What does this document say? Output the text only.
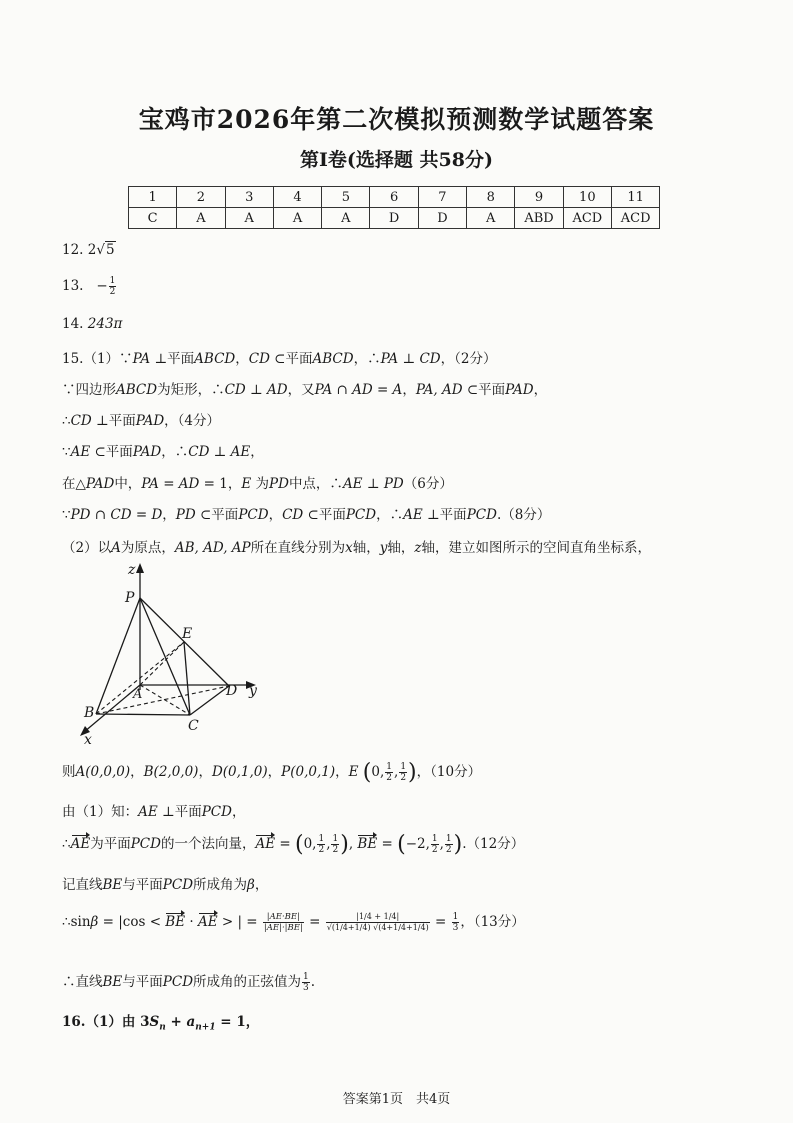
宝鸡市2026年第二次模拟预测数学试题答案
第Ⅰ卷(选择题 共58分)
1	2	3	4	5	6	7	8	9	10	11
C	A	A	A	A	D	D	A	ABD	ACD	ACD
12. 2√5
13. − $\frac{1}{2}$
14. 243π
15.（1）∵PA ⊥平面ABCD，CD ⊂平面ABCD，∴PA ⊥ CD，（2分）
∵四边形ABCD为矩形，∴CD ⊥ AD，又PA ∩ AD = A，PA, AD ⊂平面PAD，
∴CD ⊥平面PAD，（4分）
∵AE ⊂平面PAD，∴CD ⊥ AE，
在△PAD中，PA = AD = 1，E 为PD中点，∴AE ⊥ PD（6分）
∵PD ∩ CD = D，PD ⊂平面PCD，CD ⊂平面PCD，∴AE ⊥平面PCD.（8分）
（2）以A为原点，AB, AD, AP所在直线分别为x轴，y轴，z轴，建立如图所示的空间直角坐标系，
z
P
E
A	D y
B
C
x
则A(0,0,0)，B(2,0,0)，D(0,1,0)，P(0,0,1)，E (0, $\frac{1}{2}$ , $\frac{1}{2}$ )，（10分）
由（1）知：AE ⊥平面PCD，
∴AE为平面PCD的一个法向量，AE = (0, $\frac{1}{2}$ , $\frac{1}{2}$ ), BE = (−2, $\frac{1}{2}$ , $\frac{1}{2} ).(12$分）
记直线BE与平面PCD所成角为β，
∴sinβ = |cos < BE · AE > | = $\frac{|AE\cdot BE|}{|AE|\cdot|BE|} = \frac{|1/4 + 1/4|}{√(1/4+1/4) √(4+1/4+1/4)} = \frac{1}{3}$ ，（13分）
∴直线BE与平面PCD所成角的正弦值为 $\frac{1}{3}$ .
16.（1）由 $3S_n + a_{n+1} = 1$，
答案第1页　共4页
